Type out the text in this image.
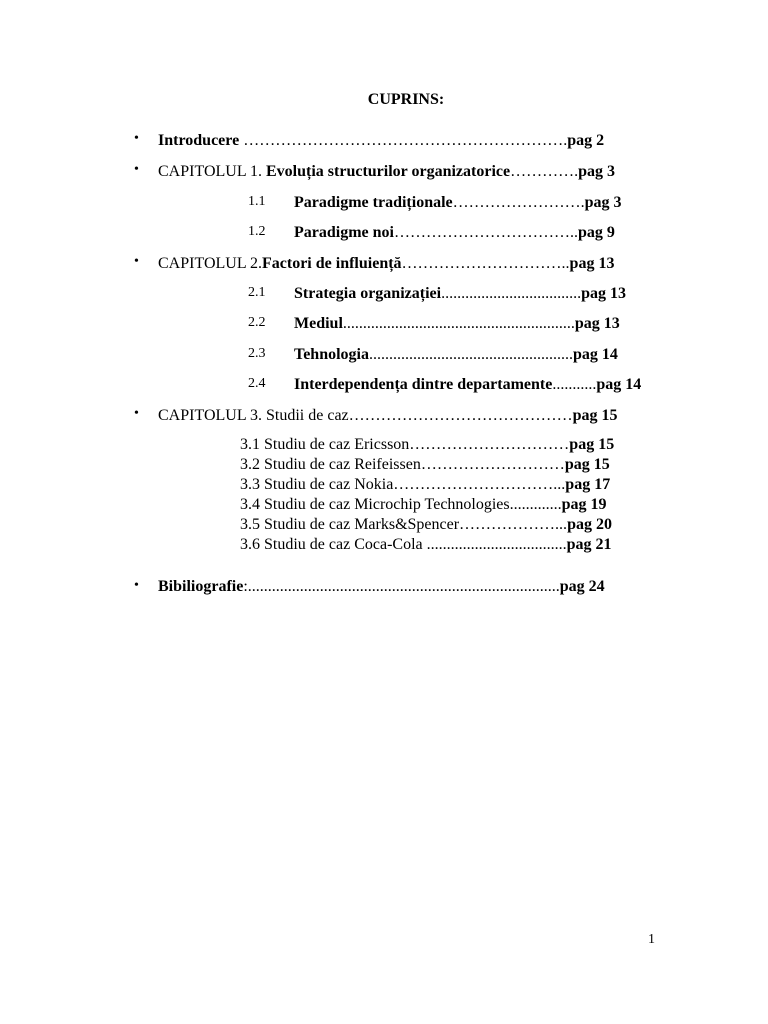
CUPRINS:
• Introducere …………………………………………………….pag 2
• CAPITOLUL 1. Evoluția structurilor organizatorice………….pag 3
1.1 Paradigme tradiționale…………………….pag 3
1.2 Paradigme noi……………………………..pag 9
• CAPITOLUL 2.Factori de influiență…………………………..pag 13
2.1 Strategia organizației...................................pag 13
2.2 Mediul..........................................................pag 13
2.3 Tehnologia...................................................pag 14
2.4 Interdependența dintre departamente...........pag 14
• CAPITOLUL 3. Studii de caz……………………………………pag 15
3.1 Studiu de caz Ericsson…………………………pag 15
3.2 Studiu de caz Reifeissen………………………pag 15
3.3 Studiu de caz Nokia…………………………...pag 17
3.4 Studiu de caz Microchip Technologies.............pag 19
3.5 Studiu de caz Marks&Spencer………………...pag 20
3.6 Studiu de caz Coca-Cola ...................................pag 21
• Bibiliografie:..............................................................................pag 24
1
